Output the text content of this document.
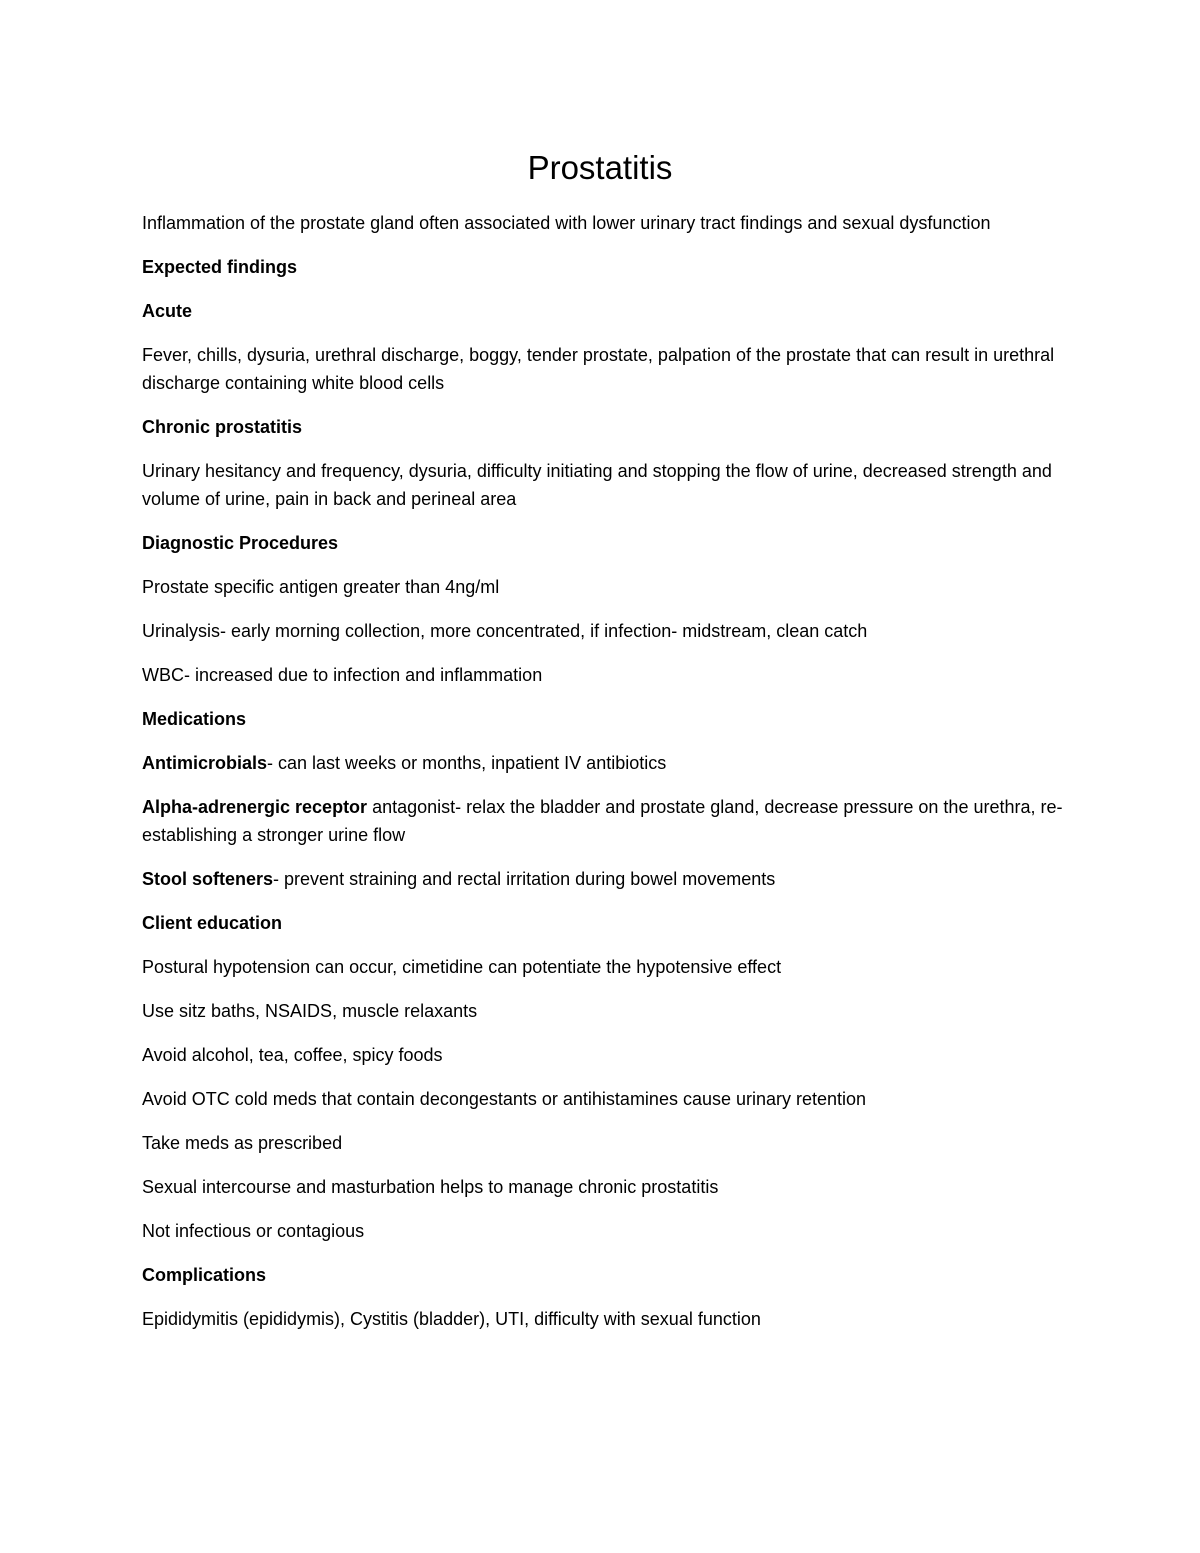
Prostatitis

Inflammation of the prostate gland often associated with lower urinary tract findings and sexual dysfunction

Expected findings

Acute

Fever, chills, dysuria, urethral discharge, boggy, tender prostate, palpation of the prostate that can result in urethral discharge containing white blood cells

Chronic prostatitis

Urinary hesitancy and frequency, dysuria, difficulty initiating and stopping the flow of urine, decreased strength and volume of urine, pain in back and perineal area

Diagnostic Procedures

Prostate specific antigen greater than 4ng/ml

Urinalysis- early morning collection, more concentrated, if infection- midstream, clean catch

WBC- increased due to infection and inflammation

Medications

Antimicrobials- can last weeks or months, inpatient IV antibiotics

Alpha-adrenergic receptor antagonist- relax the bladder and prostate gland, decrease pressure on the urethra, re-establishing a stronger urine flow

Stool softeners- prevent straining and rectal irritation during bowel movements

Client education

Postural hypotension can occur, cimetidine can potentiate the hypotensive effect

Use sitz baths, NSAIDS, muscle relaxants

Avoid alcohol, tea, coffee, spicy foods

Avoid OTC cold meds that contain decongestants or antihistamines cause urinary retention

Take meds as prescribed

Sexual intercourse and masturbation helps to manage chronic prostatitis

Not infectious or contagious

Complications

Epididymitis (epididymis), Cystitis (bladder), UTI, difficulty with sexual function
